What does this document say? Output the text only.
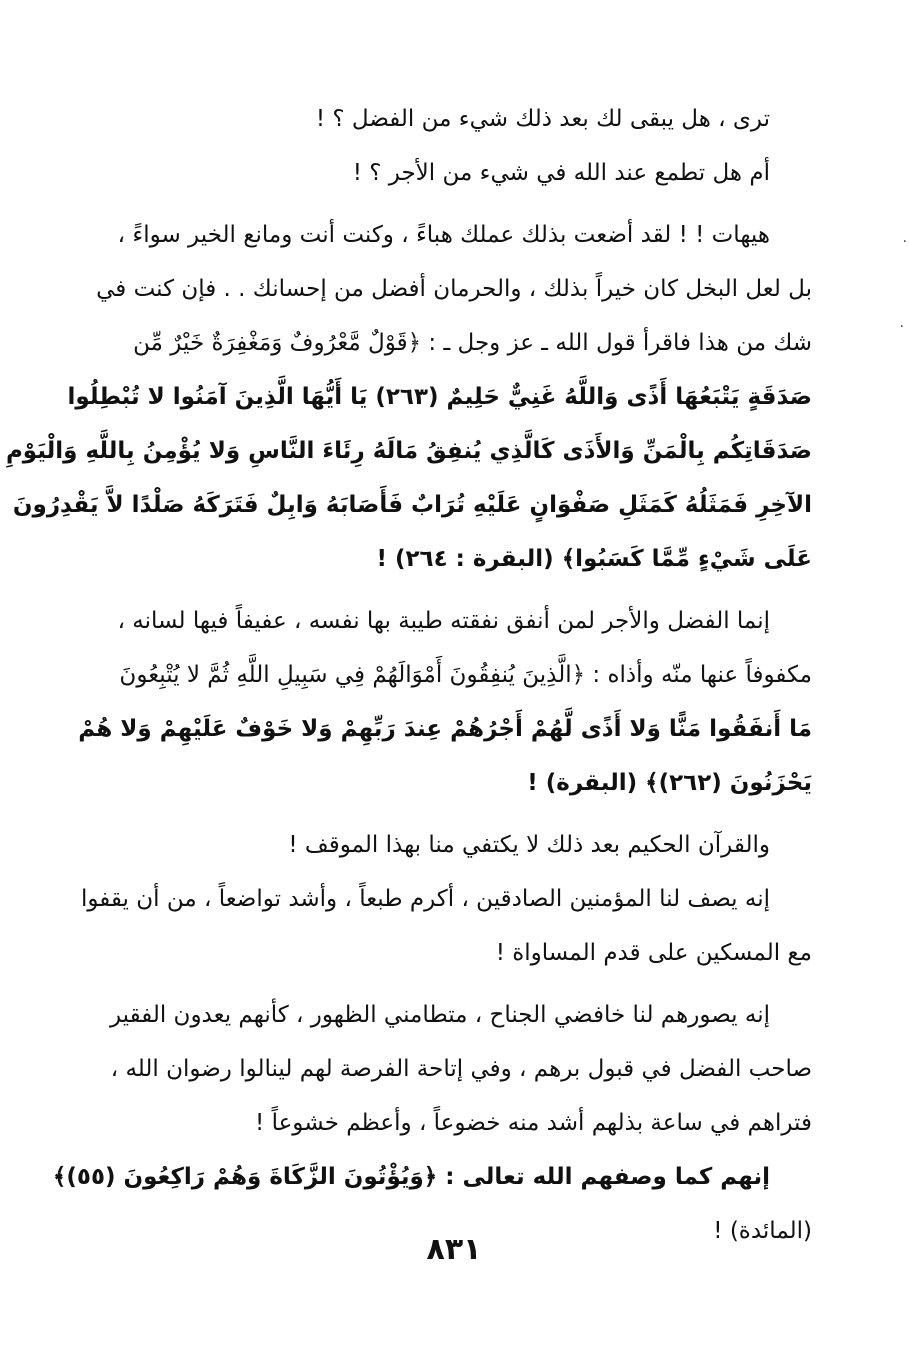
ترى ، هل يبقى لك بعد ذلك شيء من الفضل ؟ !
أم هل تطمع عند الله في شيء من الأجر ؟ !
هيهات ! ! لقد أضعت بذلك عملك هباءً ، وكنت أنت ومانع الخير سواءً ،
بل لعل البخل كان خيراً بذلك ، والحرمان أفضل من إحسانك . . فإن كنت في
شك من هذا فاقرأ قول الله ـ عز وجل ـ : ﴿قَوْلٌ مَّعْرُوفٌ وَمَغْفِرَةٌ خَيْرٌ مِّن
صَدَقَةٍ يَتْبَعُهَا أَذًى وَاللَّهُ غَنِيٌّ حَلِيمٌ (٢٦٣) يَا أَيُّهَا الَّذِينَ آمَنُوا لا تُبْطِلُوا
صَدَقَاتِكُم بِالْمَنِّ وَالأَذَى كَالَّذِي يُنفِقُ مَالَهُ رِئَاءَ النَّاسِ وَلا يُؤْمِنُ بِاللَّهِ وَالْيَوْمِ
الآخِرِ فَمَثَلُهُ كَمَثَلِ صَفْوَانٍ عَلَيْهِ تُرَابٌ فَأَصَابَهُ وَابِلٌ فَتَرَكَهُ صَلْدًا لاَّ يَقْدِرُونَ
عَلَى شَيْءٍ مِّمَّا كَسَبُوا﴾ (البقرة : ٢٦٤) !
إنما الفضل والأجر لمن أنفق نفقته طيبة بها نفسه ، عفيفاً فيها لسانه ،
مكفوفاً عنها منّه وأذاه : ﴿الَّذِينَ يُنفِقُونَ أَمْوَالَهُمْ فِي سَبِيلِ اللَّهِ ثُمَّ لا يُتْبِعُونَ
مَا أَنفَقُوا مَنًّا وَلا أَذًى لَّهُمْ أَجْرُهُمْ عِندَ رَبِّهِمْ وَلا خَوْفٌ عَلَيْهِمْ وَلا هُمْ
يَحْزَنُونَ (٢٦٢)﴾ (البقرة) !
والقرآن الحكيم بعد ذلك لا يكتفي منا بهذا الموقف !
إنه يصف لنا المؤمنين الصادقين ، أكرم طبعاً ، وأشد تواضعاً ، من أن يقفوا
مع المسكين على قدم المساواة !
إنه يصورهم لنا خافضي الجناح ، متطامني الظهور ، كأنهم يعدون الفقير
صاحب الفضل في قبول برهم ، وفي إتاحة الفرصة لهم لينالوا رضوان الله ،
فتراهم في ساعة بذلهم أشد منه خضوعاً ، وأعظم خشوعاً !
إنهم كما وصفهم الله تعالى : ﴿وَيُؤْتُونَ الزَّكَاةَ وَهُمْ رَاكِعُونَ (٥٥)﴾
(المائدة) !
٠
٠
٨٣١
